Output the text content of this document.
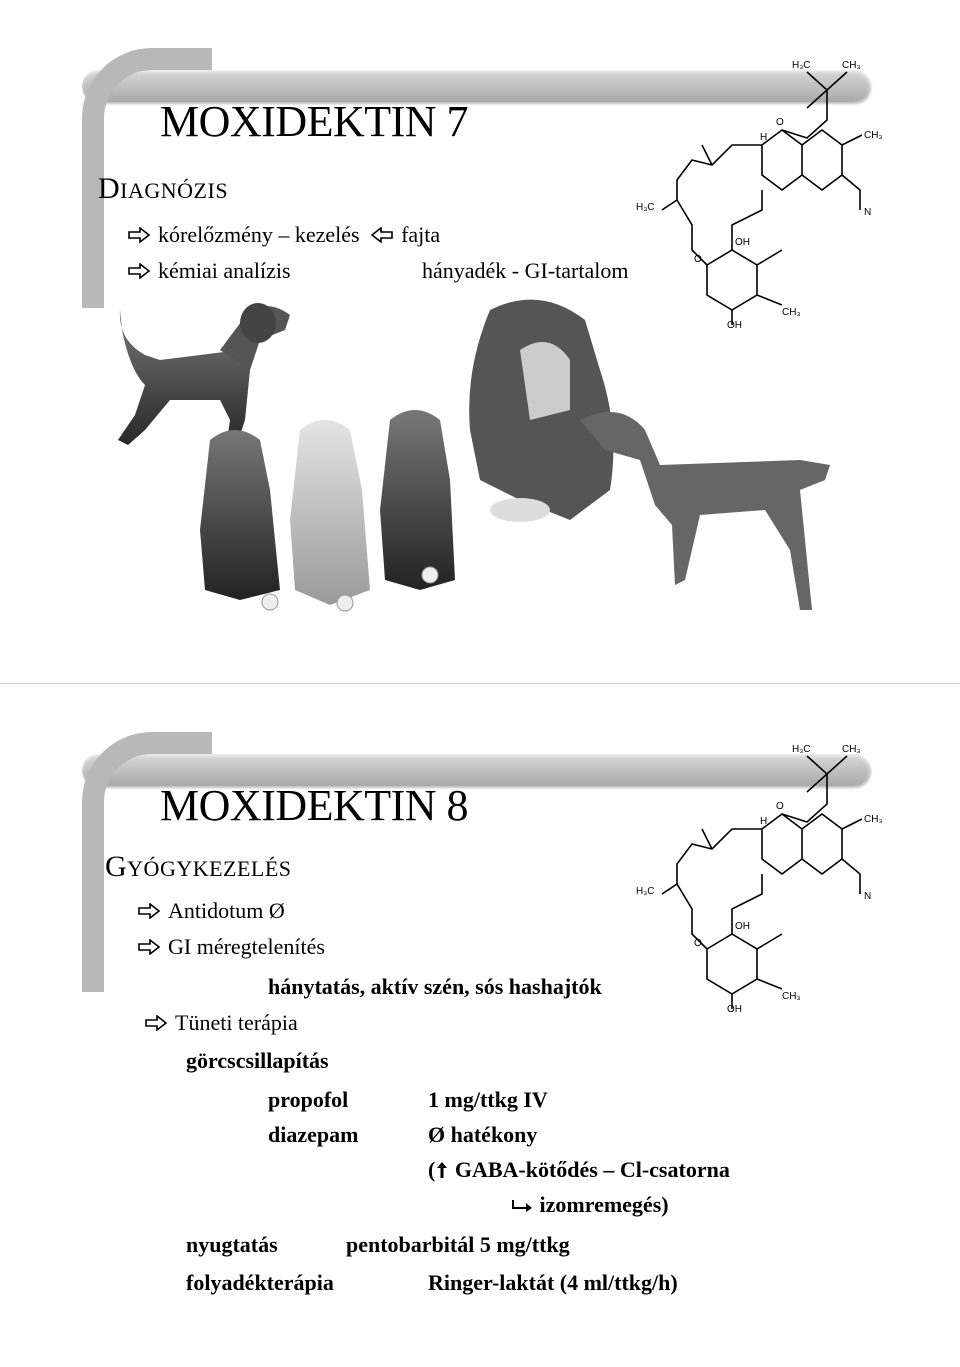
H₃C	CH₃
CH₃
H₃C	N
OH
OH
CH₃
O
O
H
MOXIDEKTIN 7
DIAGNÓZIS
kórelőzmény – kezelés fajta
kémiai analízis	hányadék - GI-tartalom
H₃C	CH₃
CH₃
H₃C	N
OH
OH
CH₃
O
O
H
MOXIDEKTIN 8
GYÓGYKEZELÉS
Antidotum Ø
GI méregtelenítés
hánytatás, aktív szén, sós hashajtók
Tüneti terápia
görcscsillapítás
propofol	1 mg/ttkg IV
diazepam	Ø hatékony
( GABA-kötődés – Cl-csatorna
izomremegés)
nyugtatás	pentobarbitál 5 mg/ttkg
folyadékterápia	Ringer-laktát (4 ml/ttkg/h)
